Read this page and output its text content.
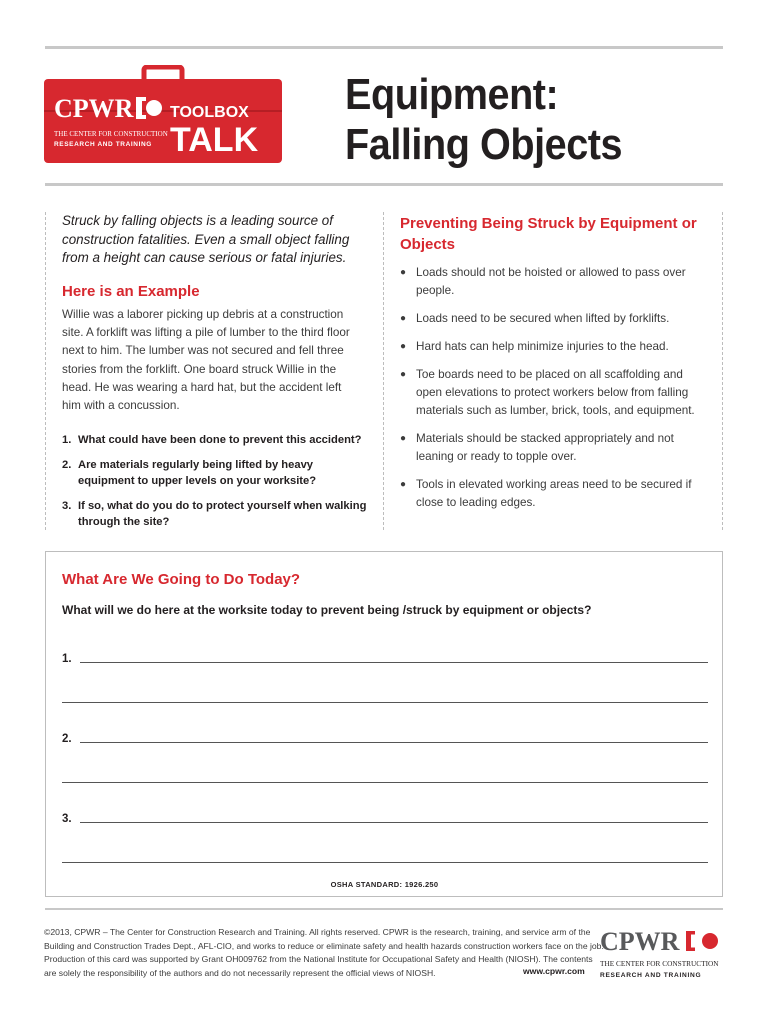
CPWR
THE CENTER FOR CONSTRUCTION
RESEARCH AND TRAINING
TOOLBOX
TALK
Equipment:
Falling Objects
Struck by falling objects is a leading source of construction fatalities. Even a small object falling from a height can cause serious or fatal injuries.
Here is an Example
Willie was a laborer picking up debris at a construction site. A forklift was lifting a pile of lumber to the third floor next to him. The lumber was not secured and fell three stories from the forklift. One board struck Willie in the head. He was wearing a hard hat, but the accident left him with a concussion.
1. What could have been done to prevent this accident?
2. Are materials regularly being lifted by heavy equipment to upper levels on your worksite?
3. If so, what do you do to protect yourself when walking through the site?
Preventing Being Struck by Equipment or Objects
● Loads should not be hoisted or allowed to pass over people.
● Loads need to be secured when lifted by forklifts.
● Hard hats can help minimize injuries to the head.
● Toe boards need to be placed on all scaffolding and open elevations to protect workers below from falling materials such as lumber, brick, tools, and equipment.
● Materials should be stacked appropriately and not leaning or ready to topple over.
● Tools in elevated working areas need to be secured if close to leading edges.
What Are We Going to Do Today?
What will we do here at the worksite today to prevent being /struck by equipment or objects?
1.
2.
3.
OSHA STANDARD: 1926.250
©2013, CPWR – The Center for Construction Research and Training. All rights reserved. CPWR is the research, training, and service arm of the Building and Construction Trades Dept., AFL-CIO, and works to reduce or eliminate safety and health hazards construction workers face on the job. Production of this card was supported by Grant OH009762 from the National Institute for Occupational Safety and Health (NIOSH). The contents are solely the responsibility of the authors and do not necessarily represent the official views of NIOSH.	www.cpwr.com
CPWR
THE CENTER FOR CONSTRUCTION
RESEARCH AND TRAINING
